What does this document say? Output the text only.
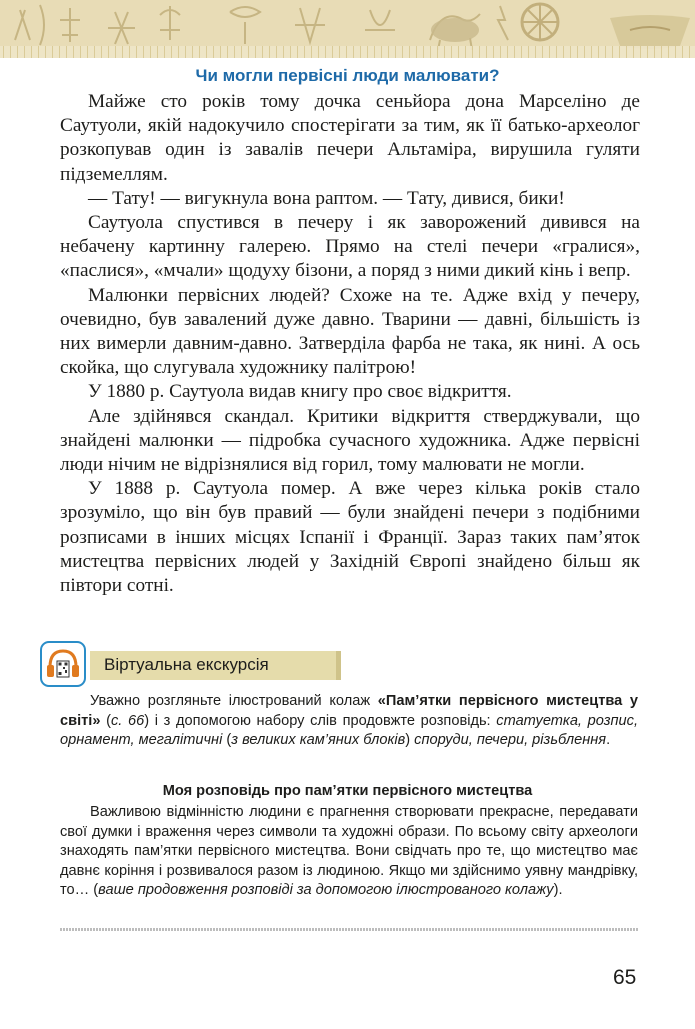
Чи могли первісні люди малювати?

Майже сто років тому дочка сеньйора дона Марселіно де Саутуоли, якій надокучило спостерігати за тим, як її батько-археолог розкопував один із завалів печери Альтаміра, вирушила гуляти підземеллям.

— Тату! — вигукнула вона раптом. — Тату, дивися, бики!

Саутуола спустився в печеру і як заворожений дивився на небачену картинну галерею. Прямо на стелі печери «гралися», «паслися», «мчали» щодуху бізони, а поряд з ними дикий кінь і вепр.

Малюнки первісних людей? Схоже на те. Адже вхід у печеру, очевидно, був завалений дуже давно. Тварини — давні, більшість із них вимерли давним-давно. Затверділа фарба не така, як нині. А ось скойка, що слугувала художнику палітрою!

У 1880 р. Саутуола видав книгу про своє відкриття.

Але здійнявся скандал. Критики відкриття стверджували, що знайдені малюнки — підробка сучасного художника. Адже первісні люди нічим не відрізнялися від горил, тому малювати не могли.

У 1888 р. Саутуола помер. А вже через кілька років стало зрозуміло, що він був правий — були знайдені печери з подібними розписами в інших місцях Іспанії і Франції. Зараз таких пам’яток мистецтва первісних людей у Західній Європі знайдено більш як півтори сотні.

Віртуальна екскурсія

Уважно розгляньте ілюстрований колаж «Пам’ятки первісного мистецтва у світі» (с. 66) і з допомогою набору слів продовжте розповідь: статуетка, розпис, орнамент, мегалітичні (з великих кам’яних блоків) споруди, печери, різьблення.

Моя розповідь про пам’ятки первісного мистецтва

Важливою відмінністю людини є прагнення створювати прекрасне, передавати свої думки і враження через символи та художні образи. По всьому світу археологи знаходять пам’ятки первісного мистецтва. Вони свідчать про те, що мистецтво має давнє коріння і розвивалося разом із людиною. Якщо ми здійснимо уявну мандрівку, то… (ваше продовження розповіді за допомогою ілюстрованого колажу).

65
